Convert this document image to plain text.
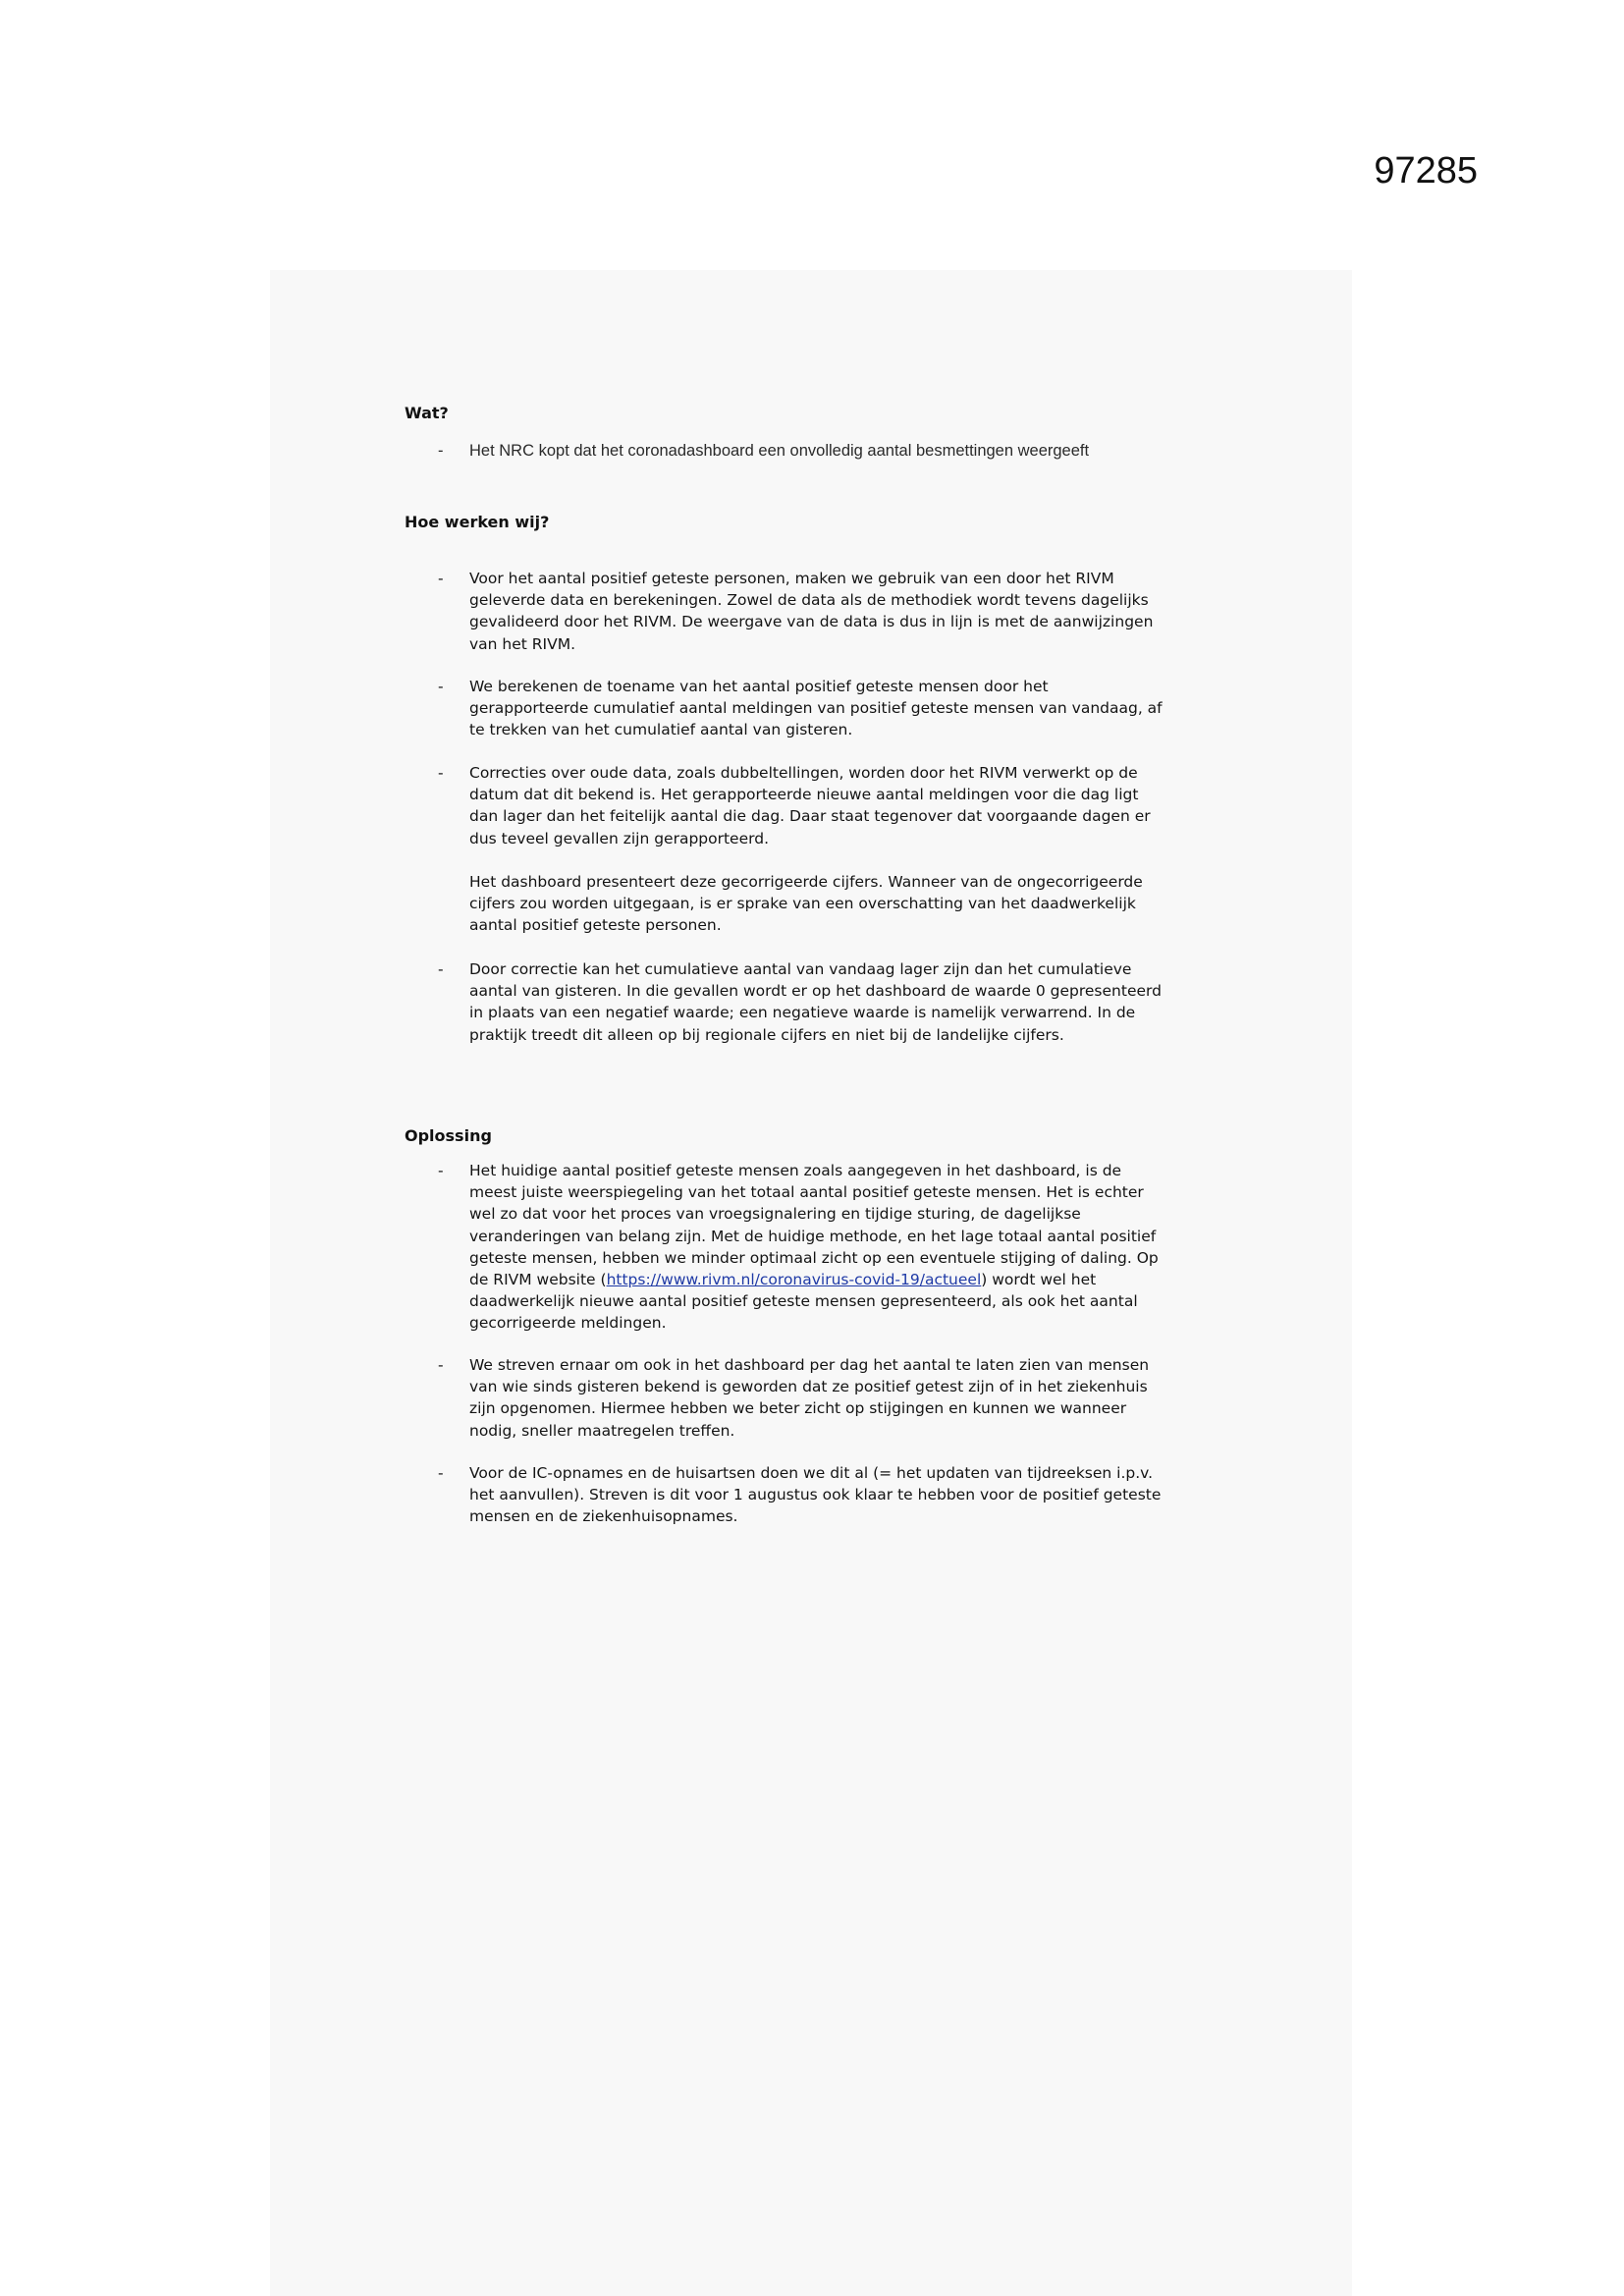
97285
Wat?
-	Het NRC kopt dat het coronadashboard een onvolledig aantal besmettingen weergeeft
Hoe werken wij?
-	Voor het aantal positief geteste personen, maken we gebruik van een door het RIVM
geleverde data en berekeningen. Zowel de data als de methodiek wordt tevens dagelijks
gevalideerd door het RIVM. De weergave van de data is dus in lijn is met de aanwijzingen
van het RIVM.
-	We berekenen de toename van het aantal positief geteste mensen door het
gerapporteerde cumulatief aantal meldingen van positief geteste mensen van vandaag, af
te trekken van het cumulatief aantal van gisteren.
-	Correcties over oude data, zoals dubbeltellingen, worden door het RIVM verwerkt op de
datum dat dit bekend is. Het gerapporteerde nieuwe aantal meldingen voor die dag ligt
dan lager dan het feitelijk aantal die dag. Daar staat tegenover dat voorgaande dagen er
dus teveel gevallen zijn gerapporteerd.
Het dashboard presenteert deze gecorrigeerde cijfers. Wanneer van de ongecorrigeerde
cijfers zou worden uitgegaan, is er sprake van een overschatting van het daadwerkelijk
aantal positief geteste personen.
-	Door correctie kan het cumulatieve aantal van vandaag lager zijn dan het cumulatieve
aantal van gisteren. In die gevallen wordt er op het dashboard de waarde 0 gepresenteerd
in plaats van een negatief waarde; een negatieve waarde is namelijk verwarrend. In de
praktijk treedt dit alleen op bij regionale cijfers en niet bij de landelijke cijfers.
Oplossing
-	Het huidige aantal positief geteste mensen zoals aangegeven in het dashboard, is de
meest juiste weerspiegeling van het totaal aantal positief geteste mensen. Het is echter
wel zo dat voor het proces van vroegsignalering en tijdige sturing, de dagelijkse
veranderingen van belang zijn. Met de huidige methode, en het lage totaal aantal positief
geteste mensen, hebben we minder optimaal zicht op een eventuele stijging of daling. Op
de RIVM website (https://www.rivm.nl/coronavirus-covid-19/actueel) wordt wel het
daadwerkelijk nieuwe aantal positief geteste mensen gepresenteerd, als ook het aantal
gecorrigeerde meldingen.
-	We streven ernaar om ook in het dashboard per dag het aantal te laten zien van mensen
van wie sinds gisteren bekend is geworden dat ze positief getest zijn of in het ziekenhuis
zijn opgenomen. Hiermee hebben we beter zicht op stijgingen en kunnen we wanneer
nodig, sneller maatregelen treffen.
-	Voor de IC-opnames en de huisartsen doen we dit al (= het updaten van tijdreeksen i.p.v.
het aanvullen). Streven is dit voor 1 augustus ook klaar te hebben voor de positief geteste
mensen en de ziekenhuisopnames.
